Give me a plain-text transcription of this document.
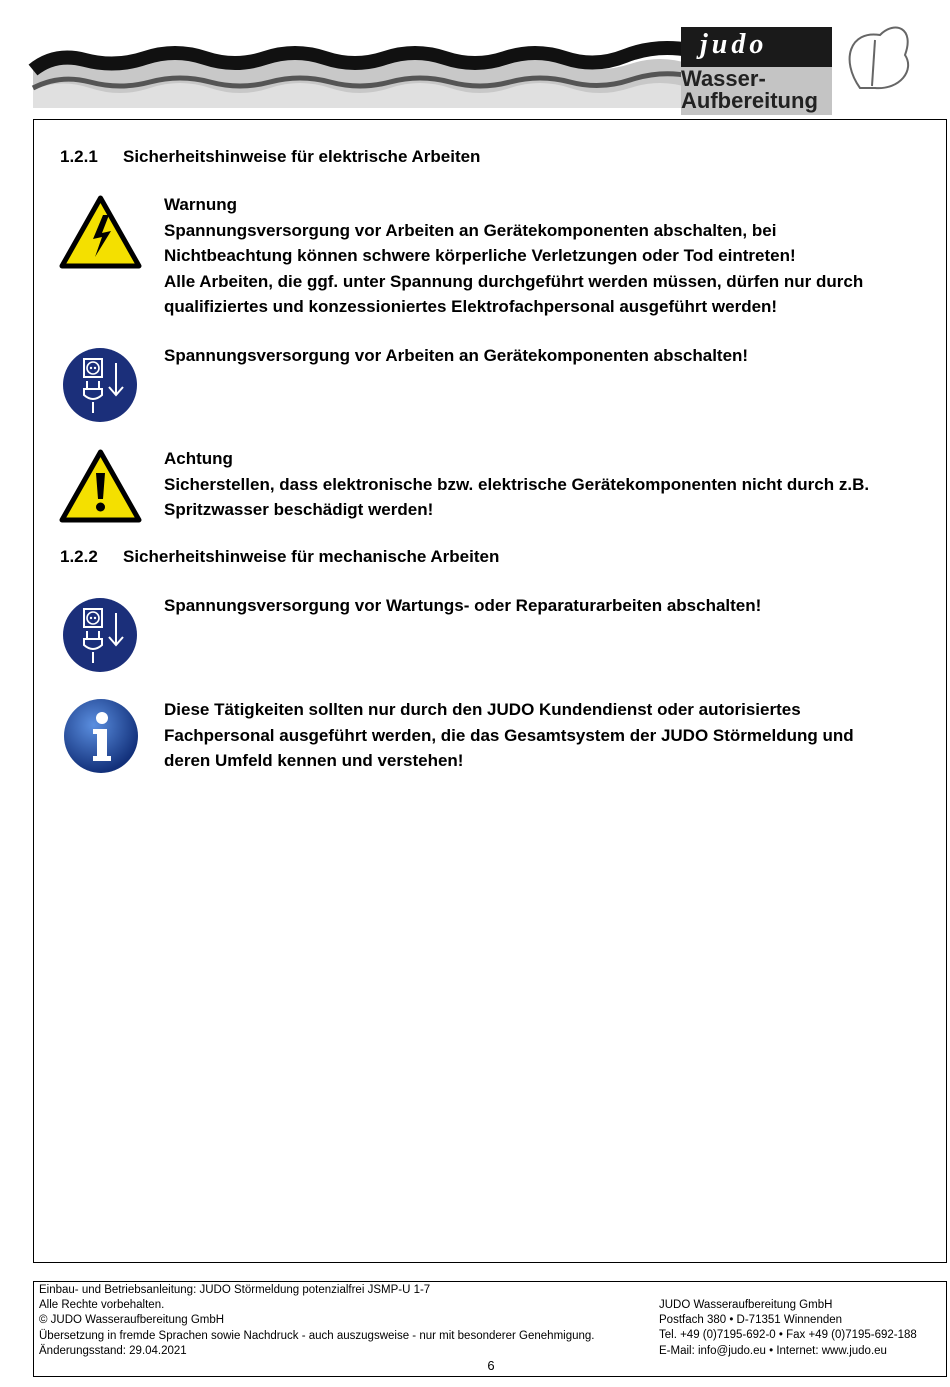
judo
Wasser-
Aufbereitung
1.2.1 Sicherheitshinweise für elektrische Arbeiten
Warnung
Spannungsversorgung vor Arbeiten an Gerätekomponenten abschalten, bei
Nichtbeachtung können schwere körperliche Verletzungen oder Tod eintreten!
Alle Arbeiten, die ggf. unter Spannung durchgeführt werden müssen, dürfen nur durch
qualifiziertes und konzessioniertes Elektrofachpersonal ausgeführt werden!
Spannungsversorgung vor Arbeiten an Gerätekomponenten abschalten!
Achtung
Sicherstellen, dass elektronische bzw. elektrische Gerätekomponenten nicht durch z.B.
Spritzwasser beschädigt werden!
1.2.2 Sicherheitshinweise für mechanische Arbeiten
Spannungsversorgung vor Wartungs- oder Reparaturarbeiten abschalten!
Diese Tätigkeiten sollten nur durch den JUDO Kundendienst oder autorisiertes
Fachpersonal ausgeführt werden, die das Gesamtsystem der JUDO Störmeldung und
deren Umfeld kennen und verstehen!
Einbau- und Betriebsanleitung: JUDO Störmeldung potenzialfrei JSMP-U 1-7
Alle Rechte vorbehalten.
© JUDO Wasseraufbereitung GmbH
Übersetzung in fremde Sprachen sowie Nachdruck - auch auszugsweise - nur mit besonderer Genehmigung.
Änderungsstand: 29.04.2021
JUDO Wasseraufbereitung GmbH
Postfach 380 • D-71351 Winnenden
Tel. +49 (0)7195-692-0 • Fax +49 (0)7195-692-188
E-Mail: info@judo.eu • Internet: www.judo.eu
6
